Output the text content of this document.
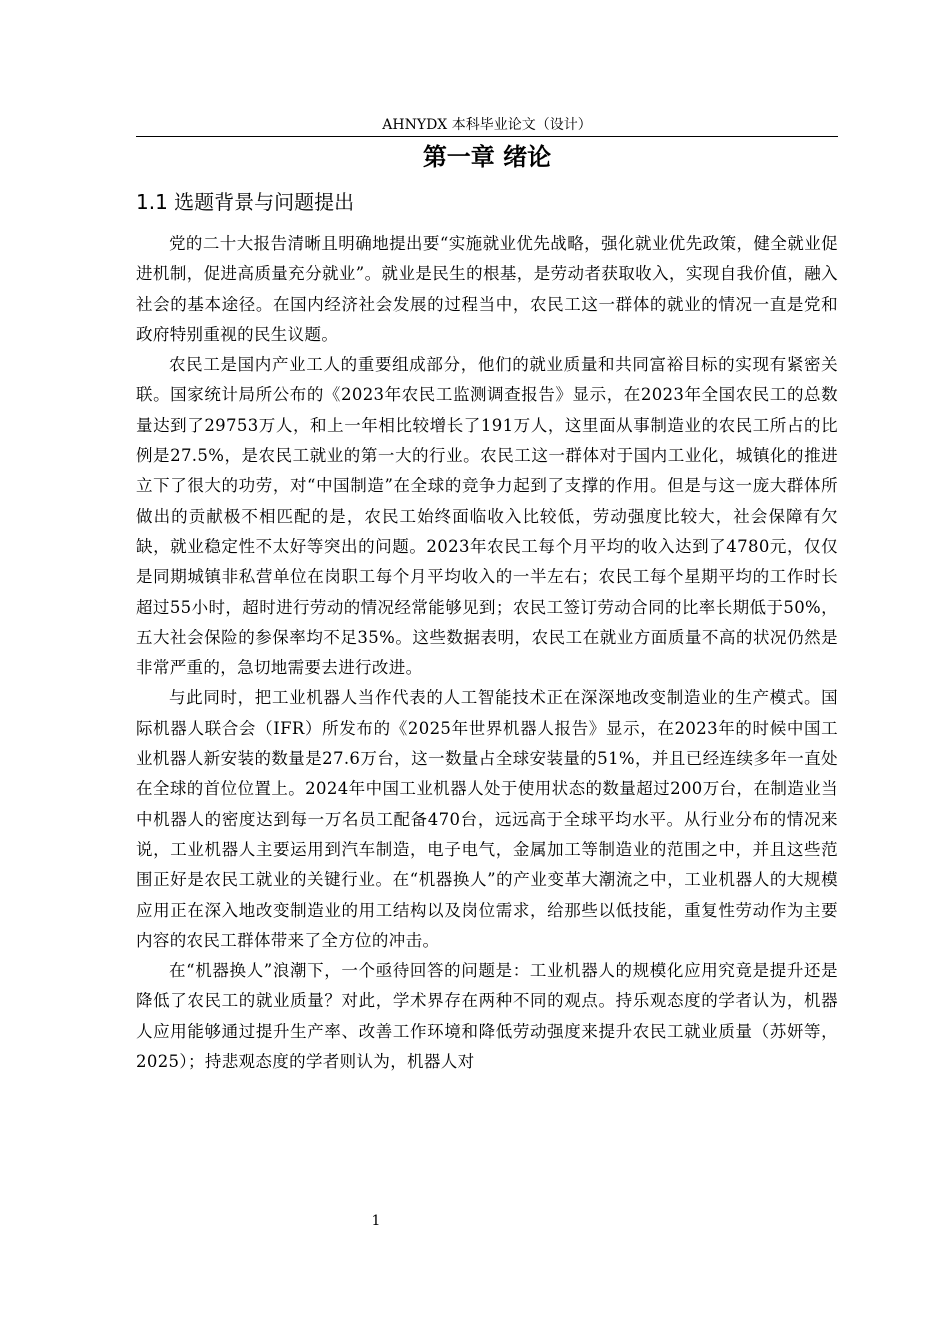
AHNYDX 本科毕业论文（设计）
第一章 绪论
1.1 选题背景与问题提出

党的二十大报告清晰且明确地提出要“实施就业优先战略，强化就业优先政策，健全就业促进机制，促进高质量充分就业”。就业是民生的根基，是劳动者获取收入，实现自我价值，融入社会的基本途径。在国内经济社会发展的过程当中，农民工这一群体的就业的情况一直是党和政府特别重视的民生议题。

农民工是国内产业工人的重要组成部分，他们的就业质量和共同富裕目标的实现有紧密关联。国家统计局所公布的《2023年农民工监测调查报告》显示，在2023年全国农民工的总数量达到了29753万人，和上一年相比较增长了191万人，这里面从事制造业的农民工所占的比例是27.5%，是农民工就业的第一大的行业。农民工这一群体对于国内工业化，城镇化的推进立下了很大的功劳，对“中国制造”在全球的竞争力起到了支撑的作用。但是与这一庞大群体所做出的贡献极不相匹配的是，农民工始终面临收入比较低，劳动强度比较大，社会保障有欠缺，就业稳定性不太好等突出的问题。2023年农民工每个月平均的收入达到了4780元，仅仅是同期城镇非私营单位在岗职工每个月平均收入的一半左右；农民工每个星期平均的工作时长超过55小时，超时进行劳动的情况经常能够见到；农民工签订劳动合同的比率长期低于50%，五大社会保险的参保率均不足35%。这些数据表明，农民工在就业方面质量不高的状况仍然是非常严重的，急切地需要去进行改进。

与此同时，把工业机器人当作代表的人工智能技术正在深深地改变制造业的生产模式。国际机器人联合会（IFR）所发布的《2025年世界机器人报告》显示，在2023年的时候中国工业机器人新安装的数量是27.6万台，这一数量占全球安装量的51%，并且已经连续多年一直处在全球的首位位置上。2024年中国工业机器人处于使用状态的数量超过200万台，在制造业当中机器人的密度达到每一万名员工配备470台，远远高于全球平均水平。从行业分布的情况来说，工业机器人主要运用到汽车制造，电子电气，金属加工等制造业的范围之中，并且这些范围正好是农民工就业的关键行业。在“机器换人”的产业变革大潮流之中，工业机器人的大规模应用正在深入地改变制造业的用工结构以及岗位需求，给那些以低技能，重复性劳动作为主要内容的农民工群体带来了全方位的冲击。

在“机器换人”浪潮下，一个亟待回答的问题是：工业机器人的规模化应用究竟是提升还是降低了农民工的就业质量？对此，学术界存在两种不同的观点。持乐观态度的学者认为，机器人应用能够通过提升生产率、改善工作环境和降低劳动强度来提升农民工就业质量（苏妍等，2025）；持悲观态度的学者则认为，机器人对

1
